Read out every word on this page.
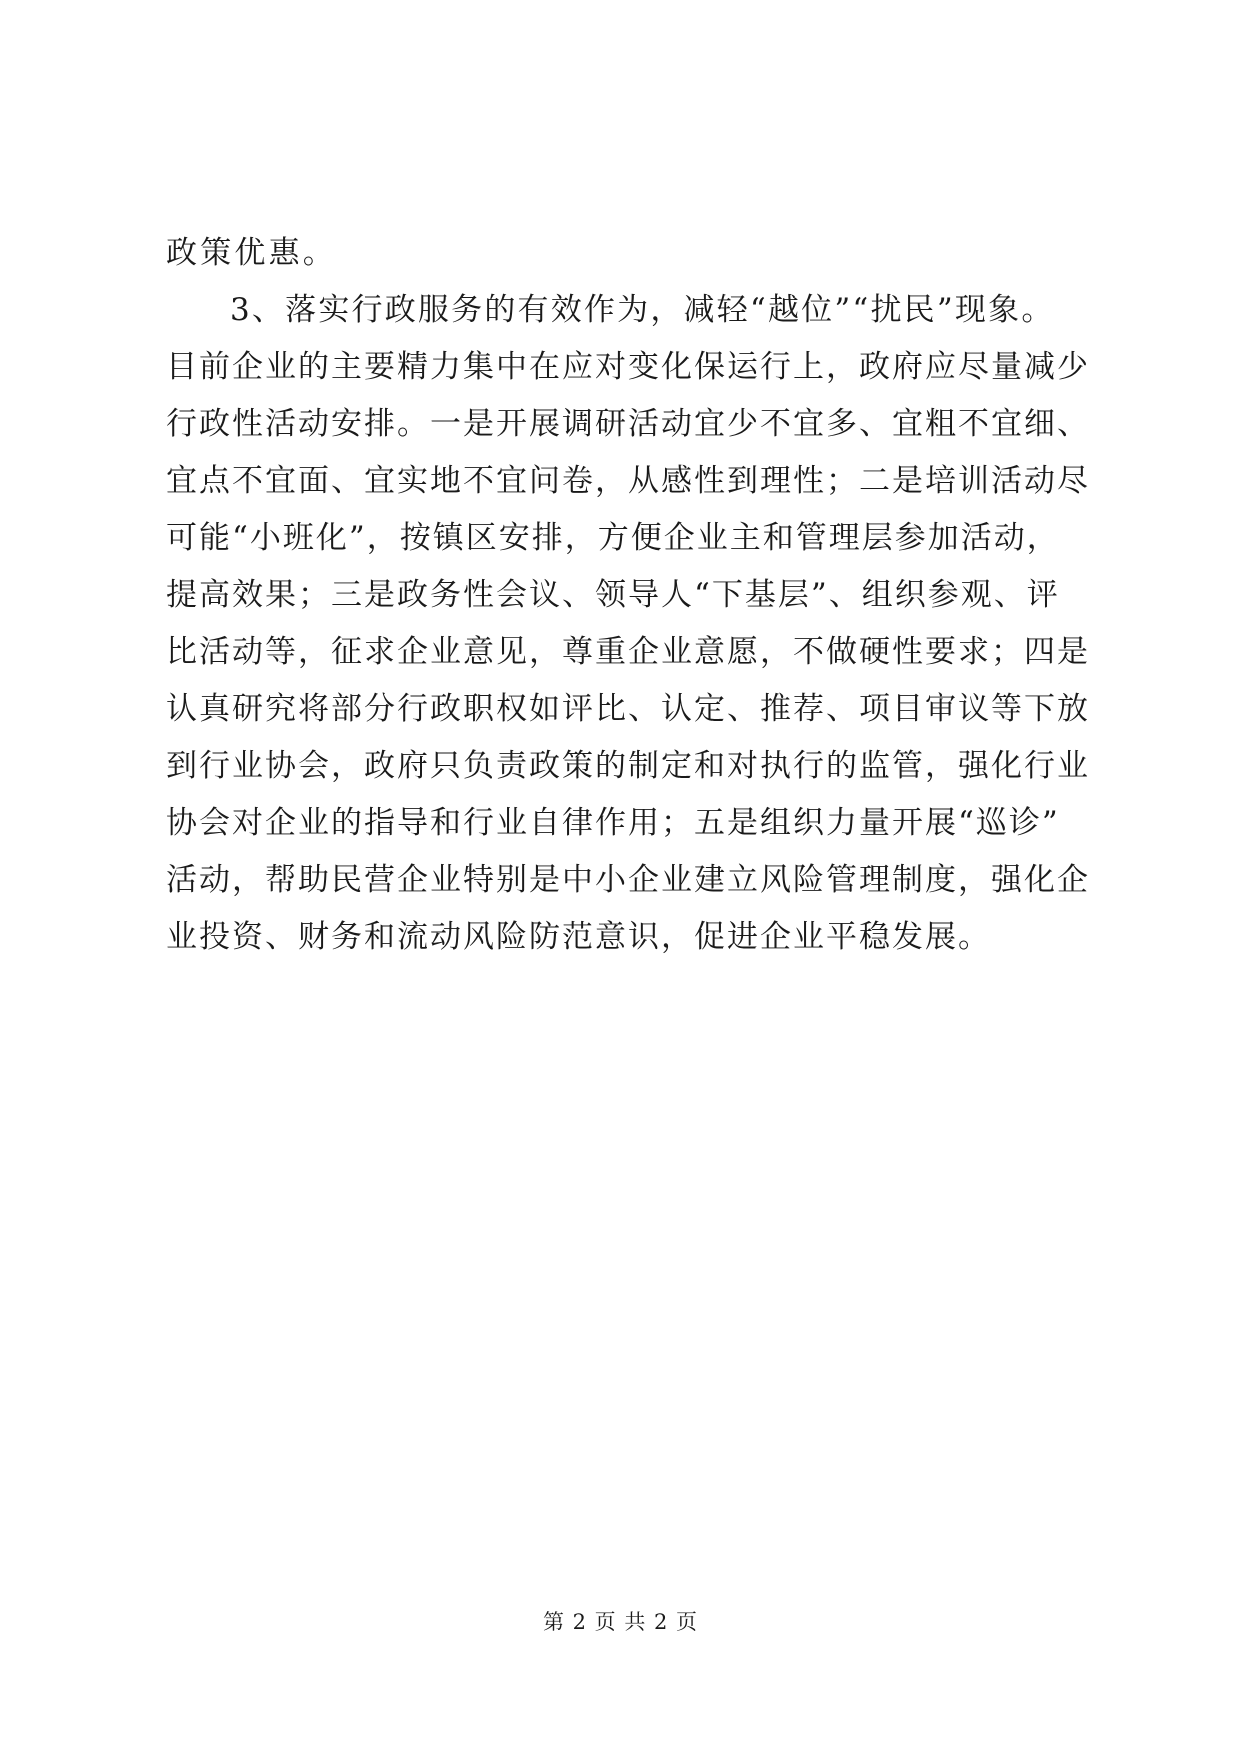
政策优惠。
3、落实行政服务的有效作为，减轻“越位”“扰民”现象。
目前企业的主要精力集中在应对变化保运行上，政府应尽量减少
行政性活动安排。一是开展调研活动宜少不宜多、宜粗不宜细、
宜点不宜面、宜实地不宜问卷，从感性到理性；二是培训活动尽
可能“小班化”，按镇区安排，方便企业主和管理层参加活动，
提高效果；三是政务性会议、领导人“下基层”、组织参观、评
比活动等，征求企业意见，尊重企业意愿，不做硬性要求；四是
认真研究将部分行政职权如评比、认定、推荐、项目审议等下放
到行业协会，政府只负责政策的制定和对执行的监管，强化行业
协会对企业的指导和行业自律作用；五是组织力量开展“巡诊”
活动，帮助民营企业特别是中小企业建立风险管理制度，强化企
业投资、财务和流动风险防范意识，促进企业平稳发展。
第 2 页 共 2 页
